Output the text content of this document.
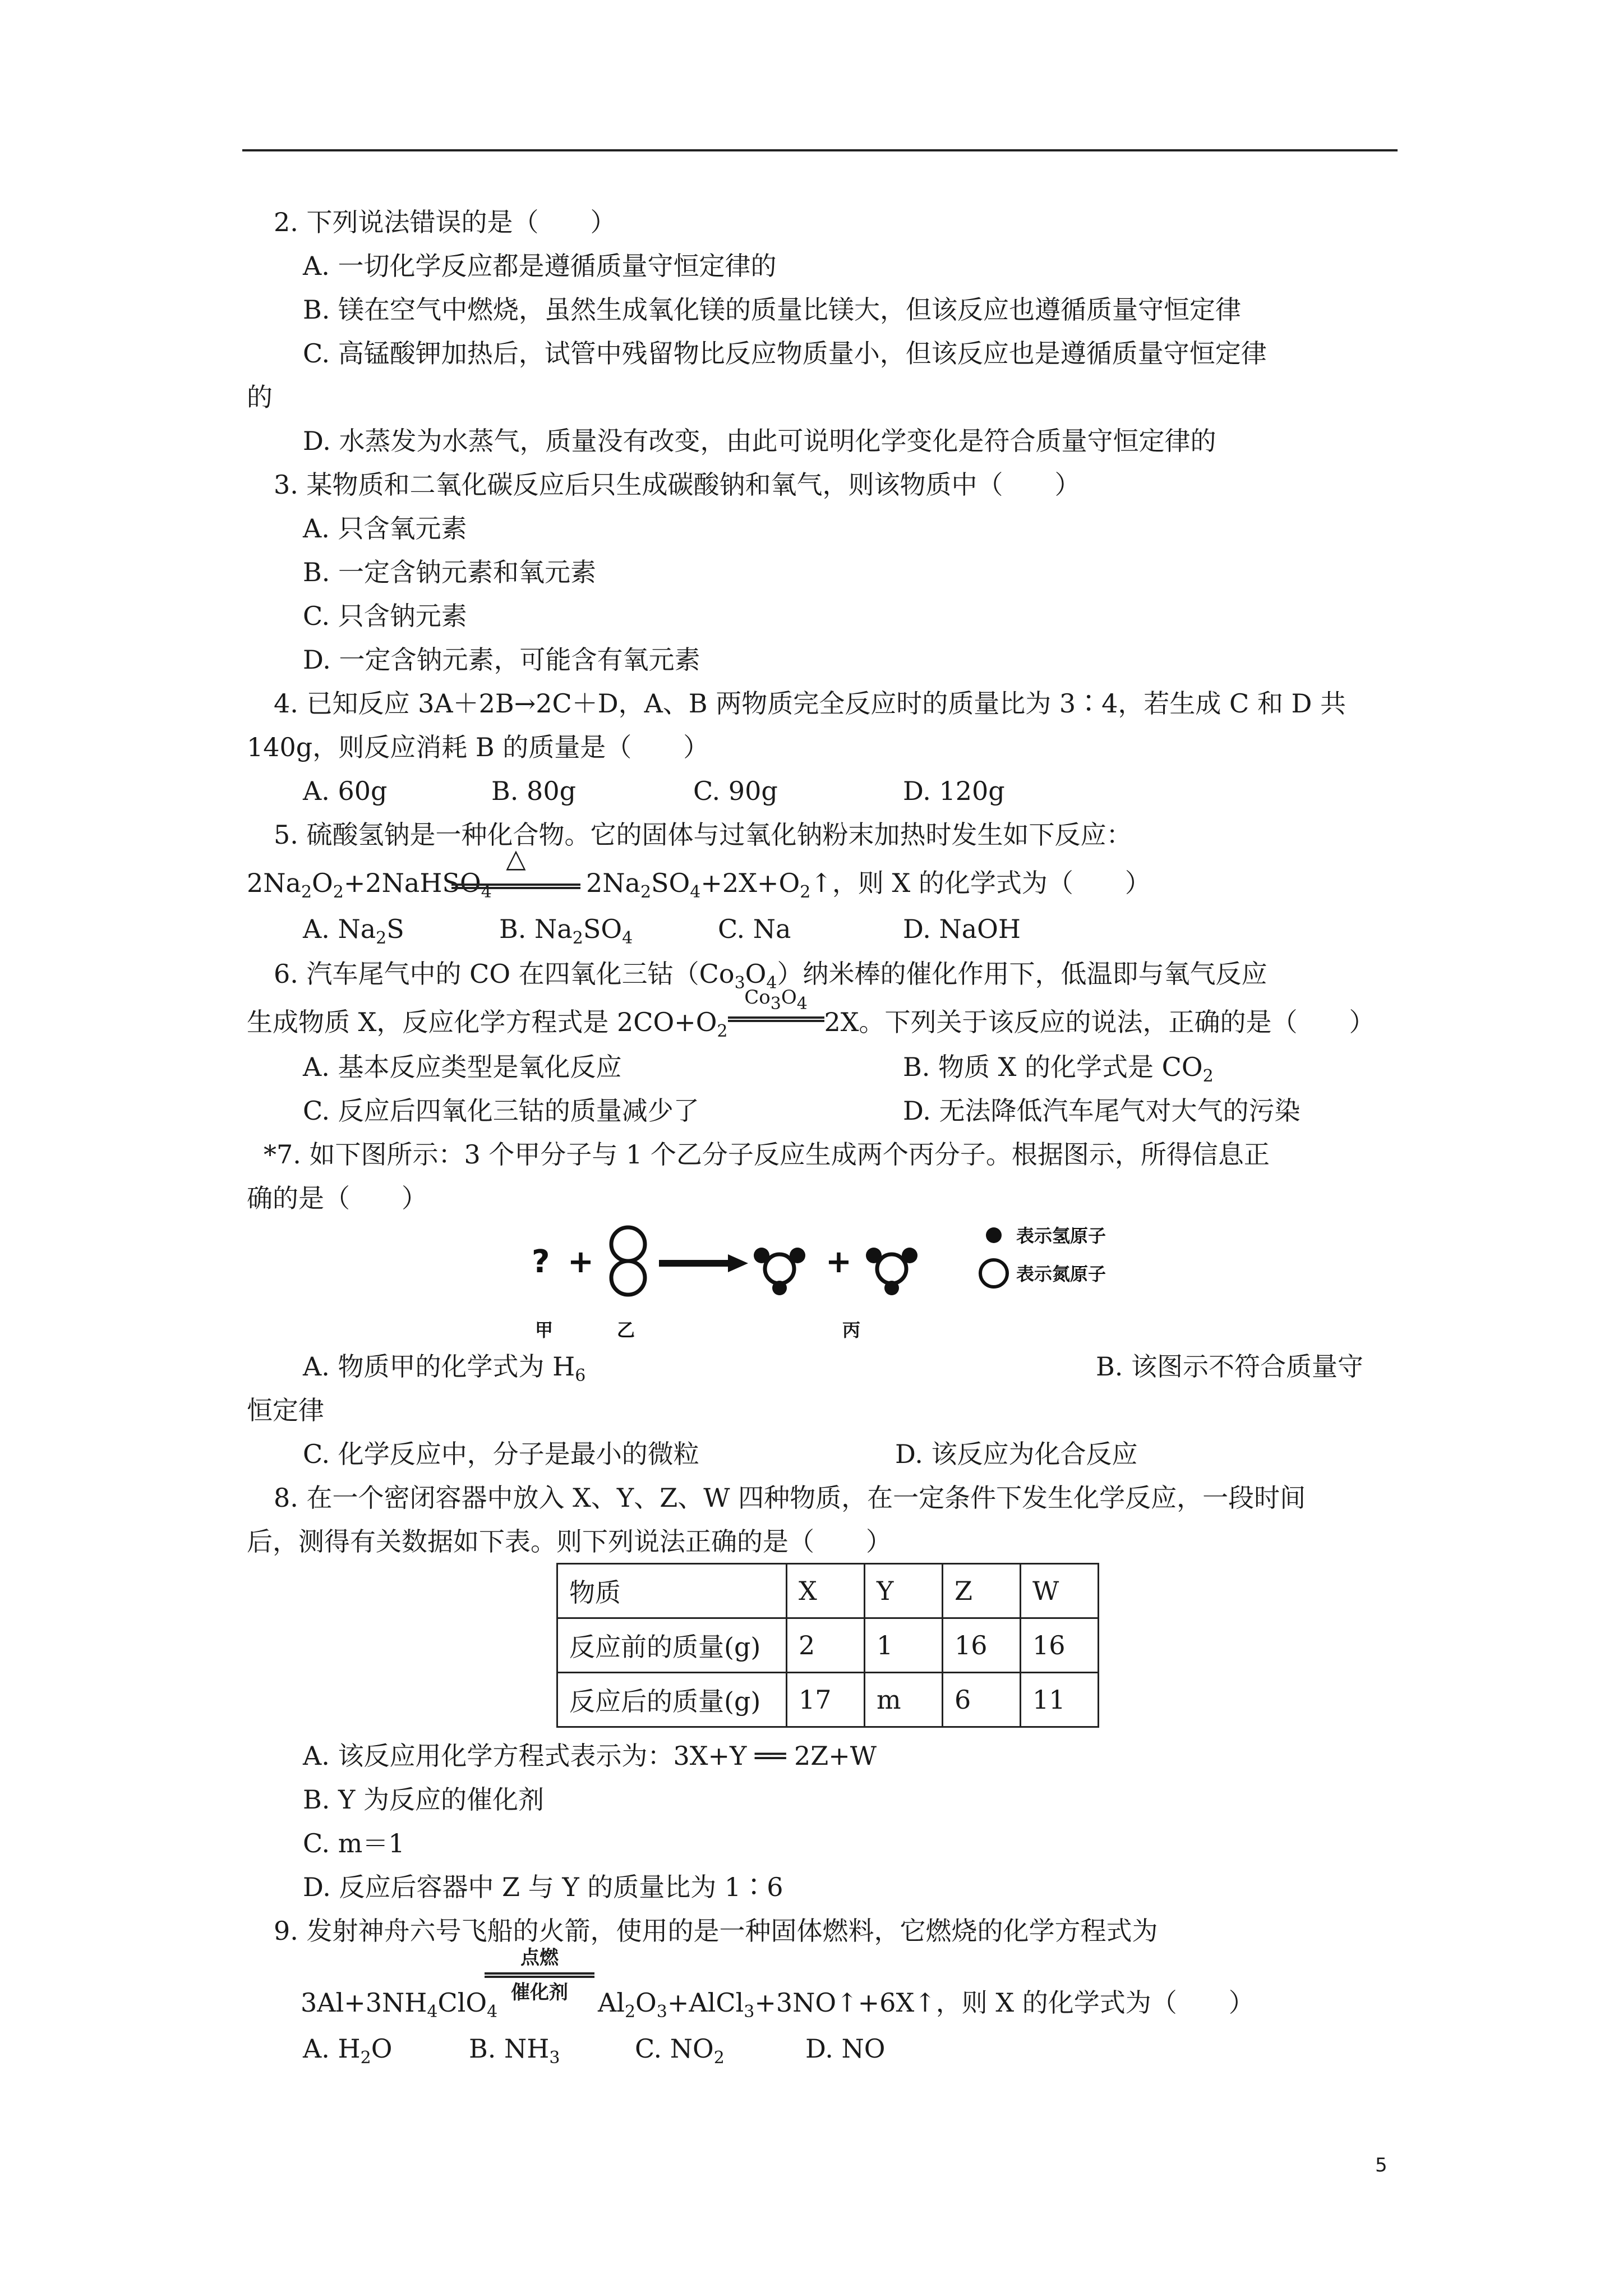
2. 下列说法错误的是（　　）
A. 一切化学反应都是遵循质量守恒定律的
B. 镁在空气中燃烧，虽然生成氧化镁的质量比镁大，但该反应也遵循质量守恒定律
C. 高锰酸钾加热后，试管中残留物比反应物质量小，但该反应也是遵循质量守恒定律
的
D. 水蒸发为水蒸气，质量没有改变，由此可说明化学变化是符合质量守恒定律的
3. 某物质和二氧化碳反应后只生成碳酸钠和氧气，则该物质中（　　）
A. 只含氧元素
B. 一定含钠元素和氧元素
C. 只含钠元素
D. 一定含钠元素，可能含有氧元素
4. 已知反应 3A＋2B→2C＋D，A、B 两物质完全反应时的质量比为 3∶4，若生成 C 和 D 共
140g，则反应消耗 B 的质量是（　　）
A. 60g	B. 80g	C. 90g	D. 120g
5. 硫酸氢钠是一种化合物。它的固体与过氧化钠粉末加热时发生如下反应：
$2Na_2O_2+2NaHSO_4$
△
$2Na_2SO_4+2X+O_2↑$，则 X 的化学式为（　　）
A. $Na_2S$	B. $Na_2SO_4$	C. Na	D. NaOH
6. 汽车尾气中的 CO 在四氧化三钴$(Co_3O_4)$纳米棒的催化作用下，低温即与氧气反应
生成物质 X，反应化学方程式是 $2CO+O_2$
$Co_3O_4$
2X。下列关于该反应的说法，正确的是（　　）
A. 基本反应类型是氧化反应	B. 物质 X 的化学式是 $CO_2$
C. 反应后四氧化三钴的质量减少了	D. 无法降低汽车尾气对大气的污染
*7. 如下图所示：3 个甲分子与 1 个乙分子反应生成两个丙分子。根据图示，所得信息正
确的是（　　）
? +	+
表示氢原子
表示氮原子
甲	乙	丙
A. 物质甲的化学式为 $H_6$	B. 该图示不符合质量守
恒定律
C. 化学反应中，分子是最小的微粒	D. 该反应为化合反应
8. 在一个密闭容器中放入 X、Y、Z、W 四种物质，在一定条件下发生化学反应，一段时间
后，测得有关数据如下表。则下列说法正确的是（　　）
物质	X	Y	Z	W
反应前的质量(g)	2	1	16	16
反应后的质量(g)	17	m	6	11
A. 该反应用化学方程式表示为：3X+Y ══ 2Z+W
B. Y 为反应的催化剂
C. m＝1
D. 反应后容器中 Z 与 Y 的质量比为 1∶6
9. 发射神舟六号飞船的火箭，使用的是一种固体燃料，它燃烧的化学方程式为
点燃
催化剂
$3Al+3NH_4ClO_4$	$Al_2O_3+AlCl_3+3NO↑+6X↑$，则 X 的化学式为（　　）
A. $H_2O$	B. $NH_3$	C. $NO_2$	D. NO
5
